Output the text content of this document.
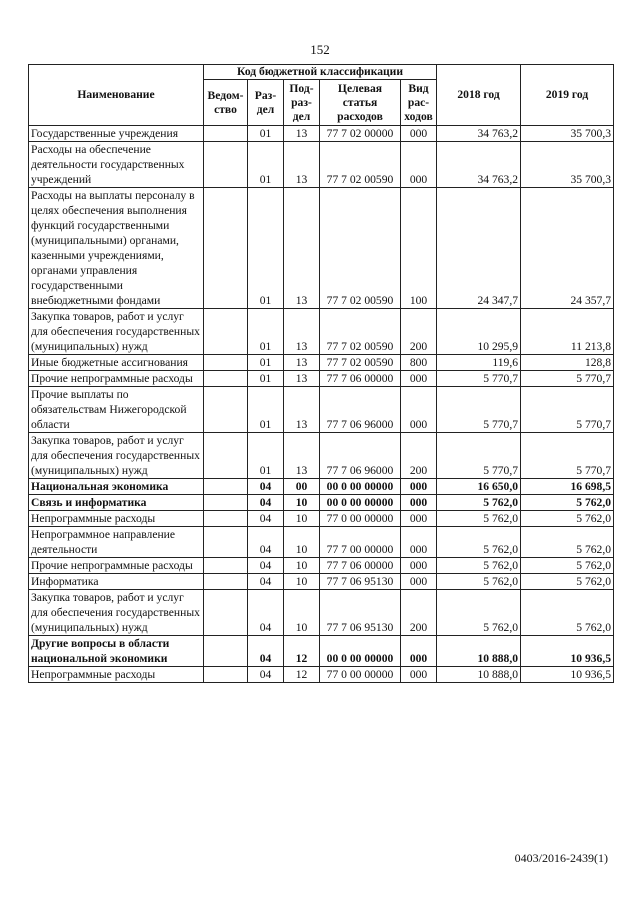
152
Наименование	Код бюджетной классификации					2018 год	2019 год
	Ведом-ство	Раз-дел	Под-раз-дел	Целевая статья расходов	Вид рас-ходов		
Государственные учреждения		01	13	77 7 02 00000	000	34 763,2	35 700,3
Расходы на обеспечение деятельности государственных учреждений		01	13	77 7 02 00590	000	34 763,2	35 700,3
Расходы на выплаты персоналу в целях обеспечения выполнения функций государственными (муниципальными) органами, казенными учреждениями, органами управления государственными внебюджетными фондами		01	13	77 7 02 00590	100	24 347,7	24 357,7
Закупка товаров, работ и услуг для обеспечения государственных (муниципальных) нужд		01	13	77 7 02 00590	200	10 295,9	11 213,8
Иные бюджетные ассигнования		01	13	77 7 02 00590	800	119,6	128,8
Прочие непрограммные расходы		01	13	77 7 06 00000	000	5 770,7	5 770,7
Прочие выплаты по обязательствам Нижегородской области		01	13	77 7 06 96000	000	5 770,7	5 770,7
Закупка товаров, работ и услуг для обеспечения государственных (муниципальных) нужд		01	13	77 7 06 96000	200	5 770,7	5 770,7
Национальная экономика		04	00	00 0 00 00000	000	16 650,0	16 698,5
Связь и информатика		04	10	00 0 00 00000	000	5 762,0	5 762,0
Непрограммные расходы		04	10	77 0 00 00000	000	5 762,0	5 762,0
Непрограммное направление деятельности		04	10	77 7 00 00000	000	5 762,0	5 762,0
Прочие непрограммные расходы		04	10	77 7 06 00000	000	5 762,0	5 762,0
Информатика		04	10	77 7 06 95130	000	5 762,0	5 762,0
Закупка товаров, работ и услуг для обеспечения государственных (муниципальных) нужд		04	10	77 7 06 95130	200	5 762,0	5 762,0
Другие вопросы в области национальной экономики		04	12	00 0 00 00000	000	10 888,0	10 936,5
Непрограммные расходы		04	12	77 0 00 00000	000	10 888,0	10 936,5
0403/2016-2439(1)
